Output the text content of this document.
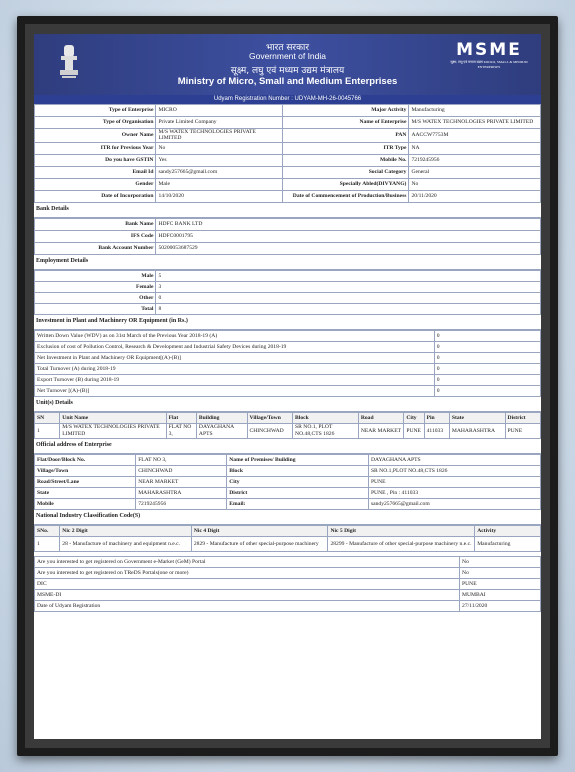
भारत सरकार
Government of India
सूक्ष्म, लघु एवं मध्यम उद्यम मंत्रालय
Ministry of Micro, Small and Medium Enterprises
MSME
सूक्ष्म, लघु एवं मध्यम उद्यम MICRO, SMALL & MEDIUM ENTERPRISES
Udyam Registration Number : UDYAM-MH-26-0045766
Type of Enterprise	MICRO	Major Activity	Manufacturing
Type of Organisation	Private Limited Company	Name of Enterprise	M/S WATEX TECHNOLOGIES PRIVATE LIMITED
Owner Name	M/S WATEX TECHNOLOGIES PRIVATE LIMITED	PAN	AACCW7753M
ITR for Previous Year	No	ITR Type	NA
Do you have GSTIN	Yes	Mobile No.	7219245956
Email Id	sandy257665@gmail.com	Social Category	General
Gender	Male	Specially Abled(DIVYANG)	No
Date of Incorporation	14/10/2020	Date of Commencement of Production/Business	20/11/2020
Bank Details
Bank Name	HDFC BANK LTD
IFS Code	HDFC0001795
Bank Account Number	50200053687529
Employment Details
Male	5
Female	3
Other	0
Total	8
Investment in Plant and Machinery OR Equipment (in Rs.)
Written Down Value (WDV) as on 31st March of the Previous Year 2018-19 (A)	0
Exclusion of cost of Pollution Control, Research & Development and Industrial Safety Devices during 2018-19	0
Net Investment in Plant and Machinery OR Equipment[(A)-(B)]	0
Total Turnover (A) during 2018-19	0
Export Turnover (B) during 2018-19	0
Net Turnover [(A)-(B)]	0
Unit(s) Details
SN	Unit Name	Flat	Building	Village/Town	Block	Road	City	Pin	State	District
1	M/S WATEX TECHNOLOGIES PRIVATE LIMITED	FLAT NO 3,	DAYAGHANA APTS	CHINCHWAD	SR NO.1, PLOT NO.48,CTS 1826	NEAR MARKET	PUNE	411033	MAHARASHTRA	PUNE
Official address of Enterprise
Flat/Door/Block No.	FLAT NO 3,	Name of Premises/ Building	DAYAGHANA APTS
Village/Town	CHINCHWAD	Block	SR NO.1,PLOT NO.48,CTS 1826
Road/Street/Lane	NEAR MARKET	City	PUNE
State	MAHARASHTRA	District	PUNE , Pin : 411033
Mobile	7219245956	Email:	sandy257665@gmail.com
National Industry Classification Code(S)
SNo.	Nic 2 Digit	Nic 4 Digit	Nic 5 Digit	Activity
1	28 - Manufacture of machinery and equipment n.e.c.	2829 - Manufacture of other special-purpose machinery	28299 - Manufacture of other special-purpose machinery n.e.c.	Manufacturing
Are you interested to get registered on Government e-Market (GeM) Portal	No
Are you interested to get registered on TReDS Portals(one or more)	No
DIC	PUNE
MSME-DI	MUMBAI
Date of Udyam Registration	27/11/2020
